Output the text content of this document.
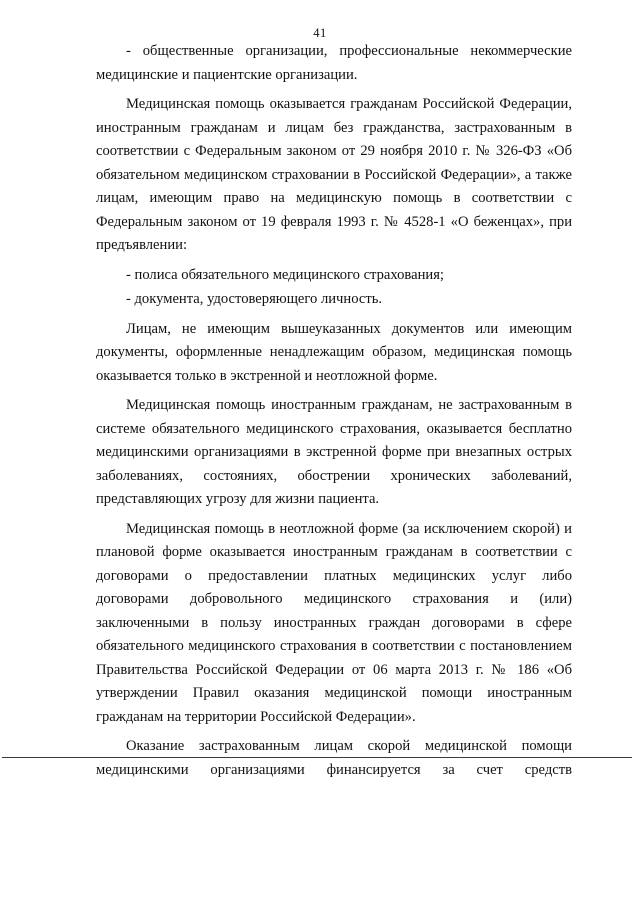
41

- общественные организации, профессиональные некоммерческие медицинские и пациентские организации.

Медицинская помощь оказывается гражданам Российской Федерации, иностранным гражданам и лицам без гражданства, застрахованным в соответствии с Федеральным законом от 29 ноября 2010 г. № 326-ФЗ «Об обязательном медицинском страховании в Российской Федерации», а также лицам, имеющим право на медицинскую помощь в соответствии с Федеральным законом от 19 февраля 1993 г. № 4528-1 «О беженцах», при предъявлении:

- полиса обязательного медицинского страхования;

- документа, удостоверяющего личность.

Лицам, не имеющим вышеуказанных документов или имеющим документы, оформленные ненадлежащим образом, медицинская помощь оказывается только в экстренной и неотложной форме.

Медицинская помощь иностранным гражданам, не застрахованным в системе обязательного медицинского страхования, оказывается бесплатно медицинскими организациями в экстренной форме при внезапных острых заболеваниях, состояниях, обострении хронических заболеваний, представляющих угрозу для жизни пациента.

Медицинская помощь в неотложной форме (за исключением скорой) и плановой форме оказывается иностранным гражданам в соответствии с договорами о предоставлении платных медицинских услуг либо договорами добровольного медицинского страхования и (или) заключенными в пользу иностранных граждан договорами в сфере обязательного медицинского страхования в соответствии с постановлением Правительства Российской Федерации от 06 марта 2013 г. № 186 «Об утверждении Правил оказания медицинской помощи иностранным гражданам на территории Российской Федерации».

Оказание застрахованным лицам скорой медицинской помощи медицинскими организациями финансируется за счет средств
